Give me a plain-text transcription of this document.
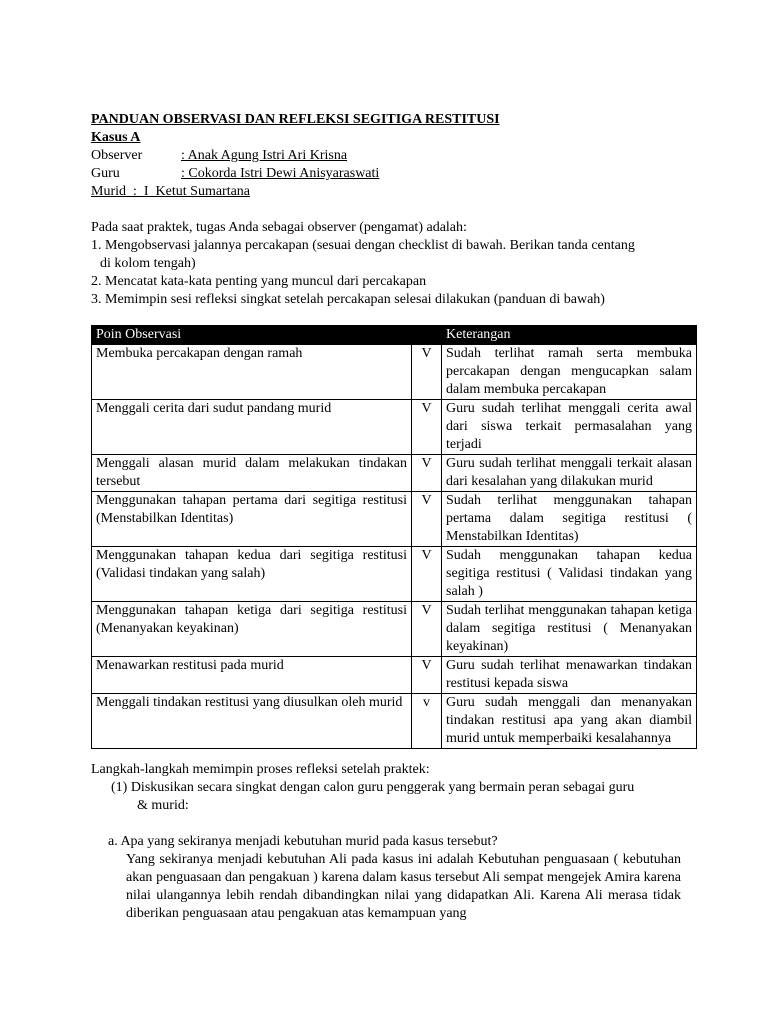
PANDUAN OBSERVASI DAN REFLEKSI SEGITIGA RESTITUSI
Kasus A
Observer	: Anak Agung Istri Ari Krisna
Guru	: Cokorda Istri Dewi Anisyaraswati
Murid  :  I  Ketut Sumartana
Pada saat praktek, tugas Anda sebagai observer (pengamat) adalah:
1. Mengobservasi jalannya percakapan (sesuai dengan checklist di bawah. Berikan tanda centang
di kolom tengah)
2. Mencatat kata-kata penting yang muncul dari percakapan
3. Memimpin sesi refleksi singkat setelah percakapan selesai dilakukan (panduan di bawah)
Poin Observasi		Keterangan
Membuka percakapan dengan ramah	V	Sudah terlihat ramah serta membuka percakapan dengan mengucapkan salam dalam membuka percakapan
Menggali cerita dari sudut pandang murid	V	Guru sudah terlihat menggali cerita awal dari siswa terkait permasalahan yang terjadi
Menggali alasan murid dalam melakukan tindakan tersebut	V	Guru sudah terlihat menggali terkait alasan dari kesalahan yang dilakukan murid
Menggunakan tahapan pertama dari segitiga restitusi (Menstabilkan Identitas)	V	Sudah terlihat menggunakan tahapan pertama dalam segitiga restitusi ( Menstabilkan Identitas)
Menggunakan tahapan kedua dari segitiga restitusi (Validasi tindakan yang salah)	V	Sudah menggunakan tahapan kedua segitiga restitusi ( Validasi tindakan yang salah )
Menggunakan tahapan ketiga dari segitiga restitusi (Menanyakan keyakinan)	V	Sudah terlihat menggunakan tahapan ketiga dalam segitiga restitusi ( Menanyakan keyakinan)
Menawarkan restitusi pada murid	V	Guru sudah terlihat menawarkan tindakan restitusi kepada siswa
Menggali tindakan restitusi yang diusulkan oleh murid	v	Guru sudah menggali dan menanyakan tindakan restitusi apa yang akan diambil murid untuk memperbaiki kesalahannya
Langkah-langkah memimpin proses refleksi setelah praktek:
(1) Diskusikan secara singkat dengan calon guru penggerak yang bermain peran sebagai guru
& murid:
a. Apa yang sekiranya menjadi kebutuhan murid pada kasus tersebut?
Yang sekiranya menjadi kebutuhan Ali pada kasus ini adalah Kebutuhan penguasaan ( kebutuhan akan penguasaan dan pengakuan ) karena dalam kasus tersebut Ali sempat mengejek Amira karena nilai ulangannya lebih rendah dibandingkan nilai yang didapatkan Ali. Karena Ali merasa tidak diberikan penguasaan atau pengakuan atas kemampuan yang
